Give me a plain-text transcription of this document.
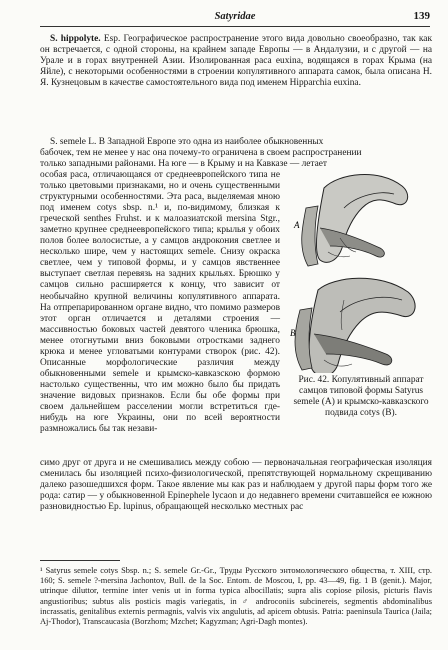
Satyridae	139

S. hippolyte. Esp. Географическое распространение этого вида довольно своеобразно, так как он встречается, с одной стороны, на крайнем западе Европы — в Андалузии, и с другой — на Урале и в горах внутренней Азии. Изолированная раса euxina, водящаяся в горах Крыма (на Яйле), с некоторыми особенностями в строении копулятивного аппарата самок, была описана Н. Я. Кузнецовым в качестве самостоятельного вида под именем Hipparchia euxina.

S. semele L. В Западной Европе это одна из наиболее обыкновенных

бабочек, тем не менее у нас она почему-то ограничена в своем распространении

только западными районами. На юге — в Крыму и на Кавказе — летает

особая раса, отличающаяся от среднеевропейского типа не только цветовыми признаками, но и очень существенными структурными особенностями. Эта раса, выделяемая мною под именем cotys sbsp. n.¹ и, по-видимому, близкая к греческой senthes Fruhst. и к малоазиатской mersina Stgr., заметно крупнее среднеевропейского типа; крылья у обоих полов более волосистые, а у самцов андрокония светлее и несколько шире, чем у настоящих semele. Снизу окраска светлее, чем у типовой формы, и у самцов явственнее выступает светлая перевязь на задних крыльях. Брюшко у самцов сильно расширяется к концу, что зависит от необычайно крупной величины копулятивного аппарата. На отпрепарированном органе видно, что помимо размеров этот орган отличается и деталями строения — массивностью боковых частей девятого членика брюшка, менее отогнутыми вниз боковыми отростками заднего крюка и менее угловатыми контурами створок (рис. 42). Описанные морфологические различия между обыкновенными semele и крымско-кавказскою формою настолько существенны, что им можно было бы придать значение видовых признаков. Если бы обе формы при своем дальнейшем расселении могли встретиться где-нибудь на юге Украины, они по всей вероятности размножались бы так незави-
A
B
Рис. 42. Копулятивный аппарат самцов типовой формы Satyrus semele (A) и крымско-кавказского подвида cotys (B).
симо друг от друга и не смешивались между собою — первоначальная географическая изоляция сменилась бы изоляцией психо-физиологической, препятствующей нормальному скрещиванию далеко разошедшихся форм. Такое явление мы как раз и наблюдаем у другой пары форм того же рода: сатир — у обыкновенной Epinephele lycaon и до недавнего времени считавшейся ее южною разновидностью Ep. lupinus, обращающей несколько местных рас
¹ Satyrus semele cotys Sbsp. n.; S. semele Gr.-Gr., Труды Русского энтомологического общества, т. XIII, стр. 160; S. semele ?-mersina Jachontov, Bull. de la Soc. Entom. de Moscou, I, pp. 43—49, fig. 1 B (genit.). Major, utrinque diluttor, termine inter venis ut in forma typica albocillatis; supra alis copiose pilosis, picturis flavis angustioribus; subtus alis posticis magis variegatis, in ♂ androconiis subcinereis, segmentis abdominalibus incrassatis, genitalibus externis permagnis, valvis vix angulutis, ad apicem obtusis. Patria: paeninsula Taurica (Jaila; Aj-Thodor), Transcaucasia (Borzhom; Mzchet; Kagyzman; Agri-Dagh montes).
